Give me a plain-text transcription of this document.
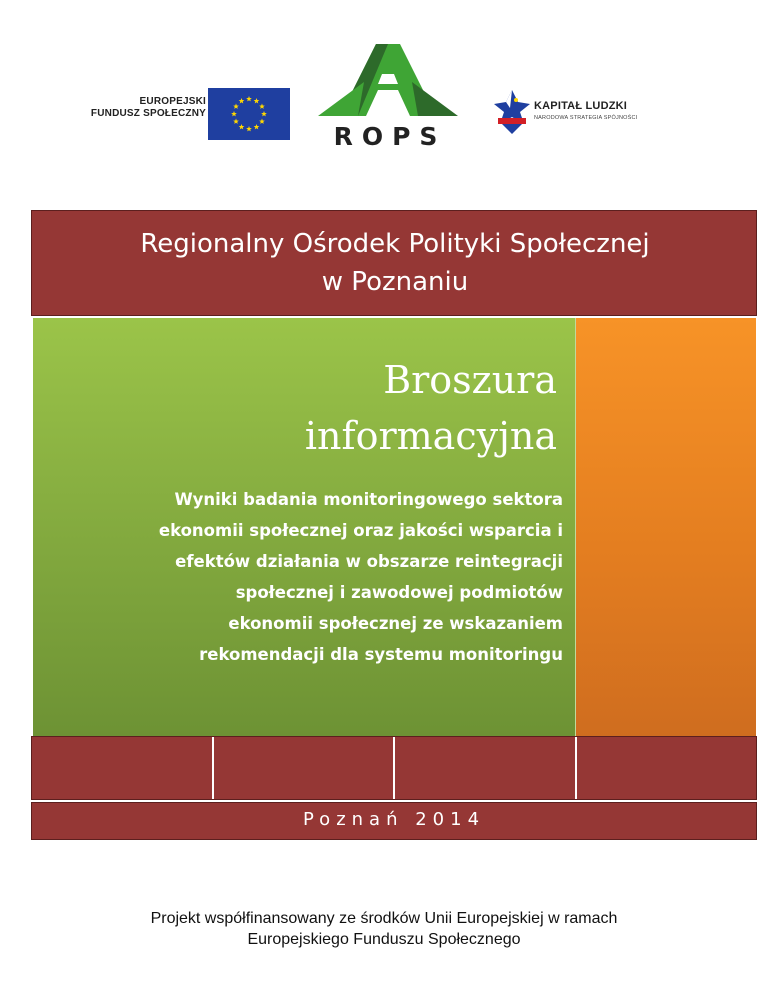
EUROPEJSKI
FUNDUSZ SPOŁECZNY
ROPS
KAPITAŁ LUDZKI
NARODOWA STRATEGIA SPÓJNOŚCI
Regionalny Ośrodek Polityki Społecznej
w Poznaniu
Broszura
informacyjna
Wyniki badania monitoringowego sektora
ekonomii społecznej oraz jakości wsparcia i
efektów działania w obszarze reintegracji
społecznej i zawodowej podmiotów
ekonomii społecznej ze wskazaniem
rekomendacji dla systemu monitoringu
Poznań 2014
Projekt współfinansowany ze środków Unii Europejskiej w ramach
Europejskiego Funduszu Społecznego
